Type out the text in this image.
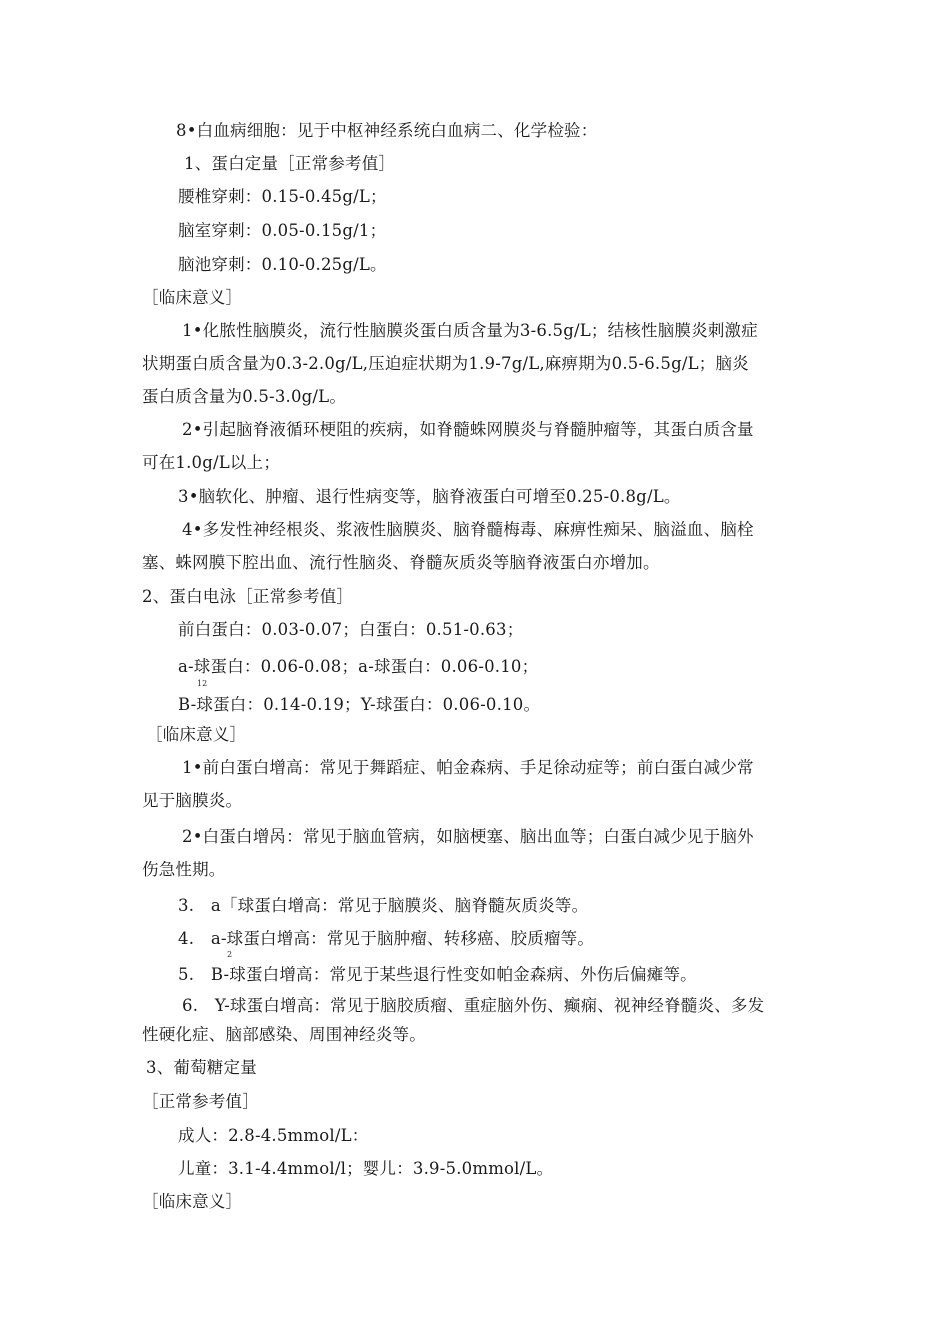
8•白血病细胞：见于中枢神经系统白血病二、化学检验：
1、蛋白定量［正常参考值］
腰椎穿刺：0.15-0.45g/L；
脑室穿刺：0.05-0.15g/1；
脑池穿刺：0.10-0.25g/L。
［临床意义］
1•化脓性脑膜炎，流行性脑膜炎蛋白质含量为3-6.5g/L；结核性脑膜炎刺激症
状期蛋白质含量为0.3-2.0g/L,压迫症状期为1.9-7g/L,麻痹期为0.5-6.5g/L；脑炎
蛋白质含量为0.5-3.0g/L。
2•引起脑脊液循环梗阻的疾病，如脊髓蛛网膜炎与脊髓肿瘤等，其蛋白质含量
可在1.0g/L以上；
3•脑软化、肿瘤、退行性病变等，脑脊液蛋白可增至0.25-0.8g/L。
4•多发性神经根炎、浆液性脑膜炎、脑脊髓梅毒、麻痹性痴呆、脑溢血、脑栓
塞、蛛网膜下腔出血、流行性脑炎、脊髓灰质炎等脑脊液蛋白亦增加。
2、蛋白电泳［正常参考值］
前白蛋白：0.03-0.07；白蛋白：0.51-0.63；
a-球蛋白：0.06-0.08；a-球蛋白：0.06-0.10；
12
B-球蛋白：0.14-0.19；Y-球蛋白：0.06-0.10。
［临床意义］
1•前白蛋白增高：常见于舞蹈症、帕金森病、手足徐动症等；前白蛋白减少常
见于脑膜炎。
2•白蛋白增呙：常见于脑血管病，如脑梗塞、脑出血等；白蛋白减少见于脑外
伤急性期。
3.　a「球蛋白增高：常见于脑膜炎、脑脊髓灰质炎等。
4.　a-球蛋白增高：常见于脑肿瘤、转移癌、胶质瘤等。
2
5.　B-球蛋白增高：常见于某些退行性变如帕金森病、外伤后偏瘫等。
6.　Y-球蛋白增高：常见于脑胶质瘤、重症脑外伤、癫痫、视神经脊髓炎、多发
性硬化症、脑部感染、周围神经炎等。
3、葡萄糖定量
［正常参考值］
成人：2.8-4.5mmol/L：
儿童：3.1-4.4mmol/l；婴儿：3.9-5.0mmol/L。
［临床意义］
